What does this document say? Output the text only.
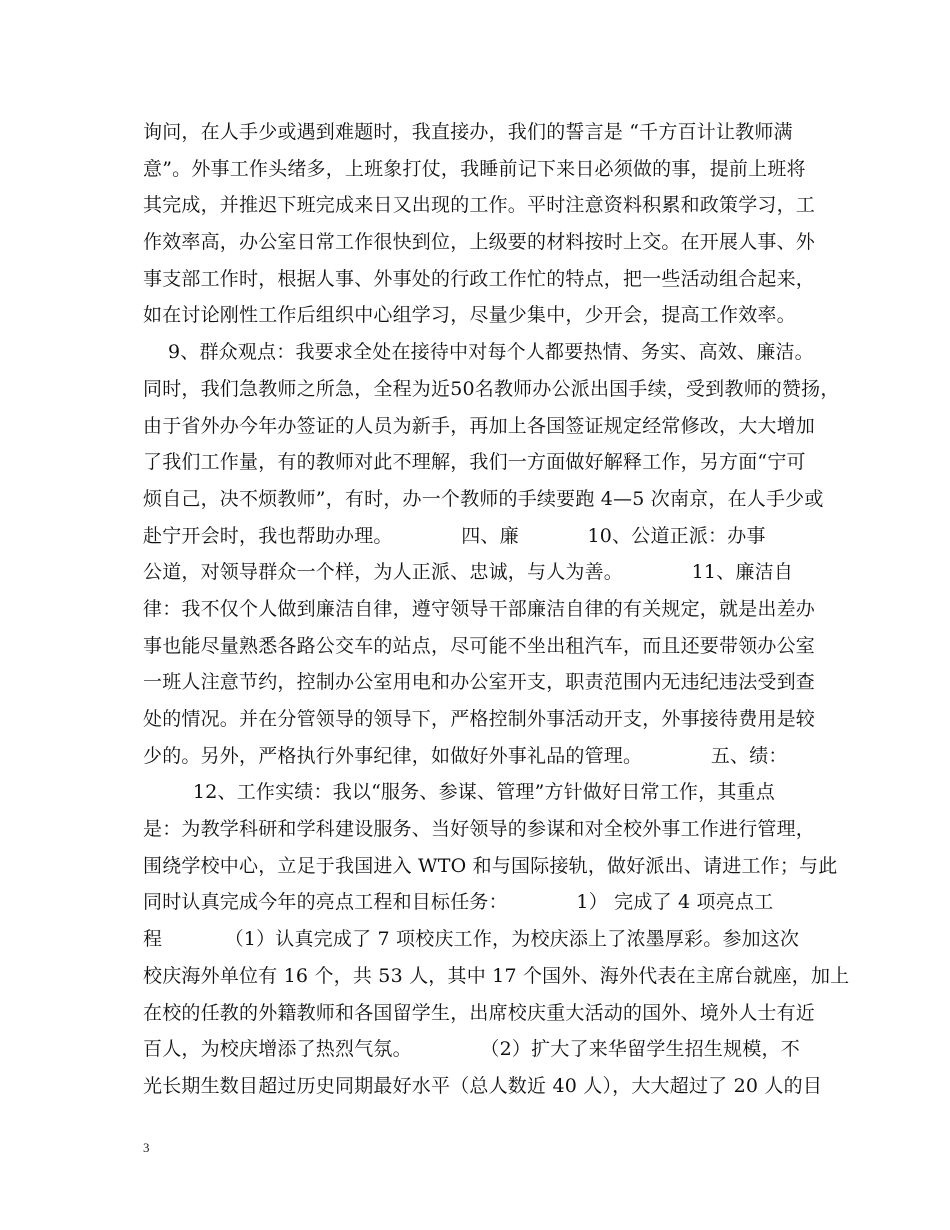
询问，在人手少或遇到难题时，我直接办，我们的誓言是 “千方百计让教师满
意”。外事工作头绪多，上班象打仗，我睡前记下来日必须做的事，提前上班将
其完成，并推迟下班完成来日又出现的工作。平时注意资料积累和政策学习，工
作效率高，办公室日常工作很快到位，上级要的材料按时上交。在开展人事、外
事支部工作时，根据人事、外事处的行政工作忙的特点，把一些活动组合起来，
如在讨论刚性工作后组织中心组学习，尽量少集中，少开会，提高工作效率。
9、群众观点：我要求全处在接待中对每个人都要热情、务实、高效、廉洁。
同时，我们急教师之所急，全程为近50名教师办公派出国手续，受到教师的赞扬，
由于省外办今年办签证的人员为新手，再加上各国签证规定经常修改，大大增加
了我们工作量，有的教师对此不理解，我们一方面做好解释工作，另方面“宁可
烦自己，决不烦教师”，有时，办一个教师的手续要跑 4—5 次南京，在人手少或
赴宁开会时，我也帮助办理。           四、廉           10、公道正派：办事
公道，对领导群众一个样，为人正派、忠诚，与人为善。           11、廉洁自
律：我不仅个人做到廉洁自律，遵守领导干部廉洁自律的有关规定，就是出差办
事也能尽量熟悉各路公交车的站点，尽可能不坐出租汽车，而且还要带领办公室
一班人注意节约，控制办公室用电和办公室开支，职责范围内无违纪违法受到查
处的情况。并在分管领导的领导下，严格控制外事活动开支，外事接待费用是较
少的。另外，严格执行外事纪律，如做好外事礼品的管理。           五、绩：
12、工作实绩：我以“服务、参谋、管理”方针做好日常工作，其重点
是：为教学科研和学科建设服务、当好领导的参谋和对全校外事工作进行管理，
围绕学校中心，立足于我国进入 WTO 和与国际接轨，做好派出、请进工作；与此
同时认真完成今年的亮点工程和目标任务：           1） 完成了 4 项亮点工
程          （1）认真完成了 7 项校庆工作，为校庆添上了浓墨厚彩。参加这次
校庆海外单位有 16 个，共 53 人，其中 17 个国外、海外代表在主席台就座，加上
在校的任教的外籍教师和各国留学生，出席校庆重大活动的国外、境外人士有近
百人，为校庆增添了热烈气氛。           （2）扩大了来华留学生招生规模，不
光长期生数目超过历史同期最好水平（总人数近 40 人），大大超过了 20 人的目
3
